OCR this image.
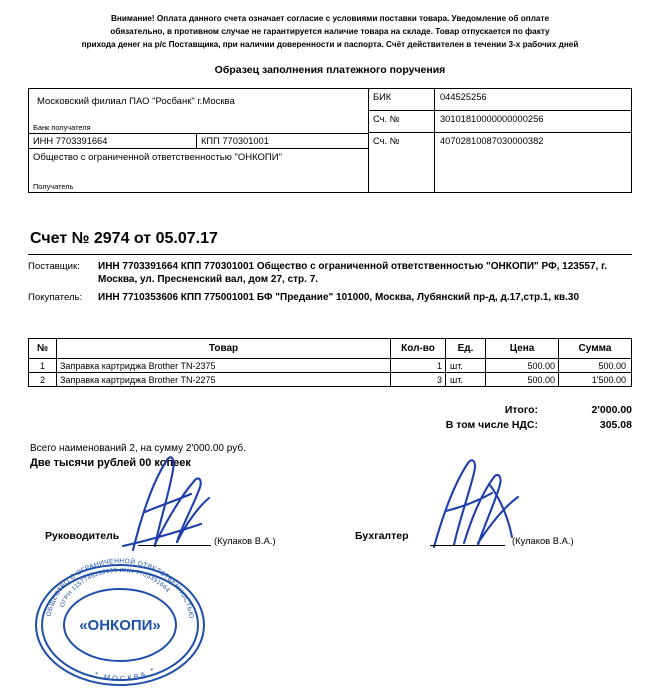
Внимание! Оплата данного счета означает согласие с условиями поставки товара. Уведомление об оплате
обязательно, в противном случае не гарантируется наличие товара на складе. Товар отпускается по факту
прихода денег на р/с Поставщика, при наличии доверенности и паспорта. Счёт действителен в течении 3-х рабочих дней
Образец заполнения платежного поручения
Московский филиал ПАО "Росбанк" г.Москва
Банк получателя
ИНН 7703391664	КПП 770301001
Общество с ограниченной ответственностью "ОНКОПИ"
Получатель
БИК	044525256
Сч. №	30101810000000000256
Сч. №	40702810087030000382
Счет № 2974 от 05.07.17
Поставщик:	ИНН 7703391664 КПП 770301001 Общество с ограниченной ответственностью "ОНКОПИ" РФ, 123557, г. Москва, ул. Пресненский вал, дом 27, стр. 7.
Покупатель:	ИНН 7710353606 КПП 775001001 БФ "Предание" 101000, Москва, Лубянский пр-д, д.17,стр.1, кв.30
№	Товар	Кол-во	Ед.	Цена	Сумма
1	Заправка картриджа Brother TN-2375	1	шт.	500.00	500.00
2	Заправка картриджа Brother TN-2275	3	шт.	500.00	1'500.00
Итого:	2'000.00
В том числе НДС:	305.08
Всего наименований 2, на сумму 2'000.00 руб.
Две тысячи рублей 00 копеек
Руководитель	(Кулаков В.А.)	Бухгалтер	(Кулаков В.А.)
ОБЩЕСТВО С ОГРАНИЧЕННОЙ ОТВЕТСТВЕННОСТЬЮ
ОГРН 1157746289106 ИНН 7703391664
* МОСКВА *
«ОНКОПИ»
